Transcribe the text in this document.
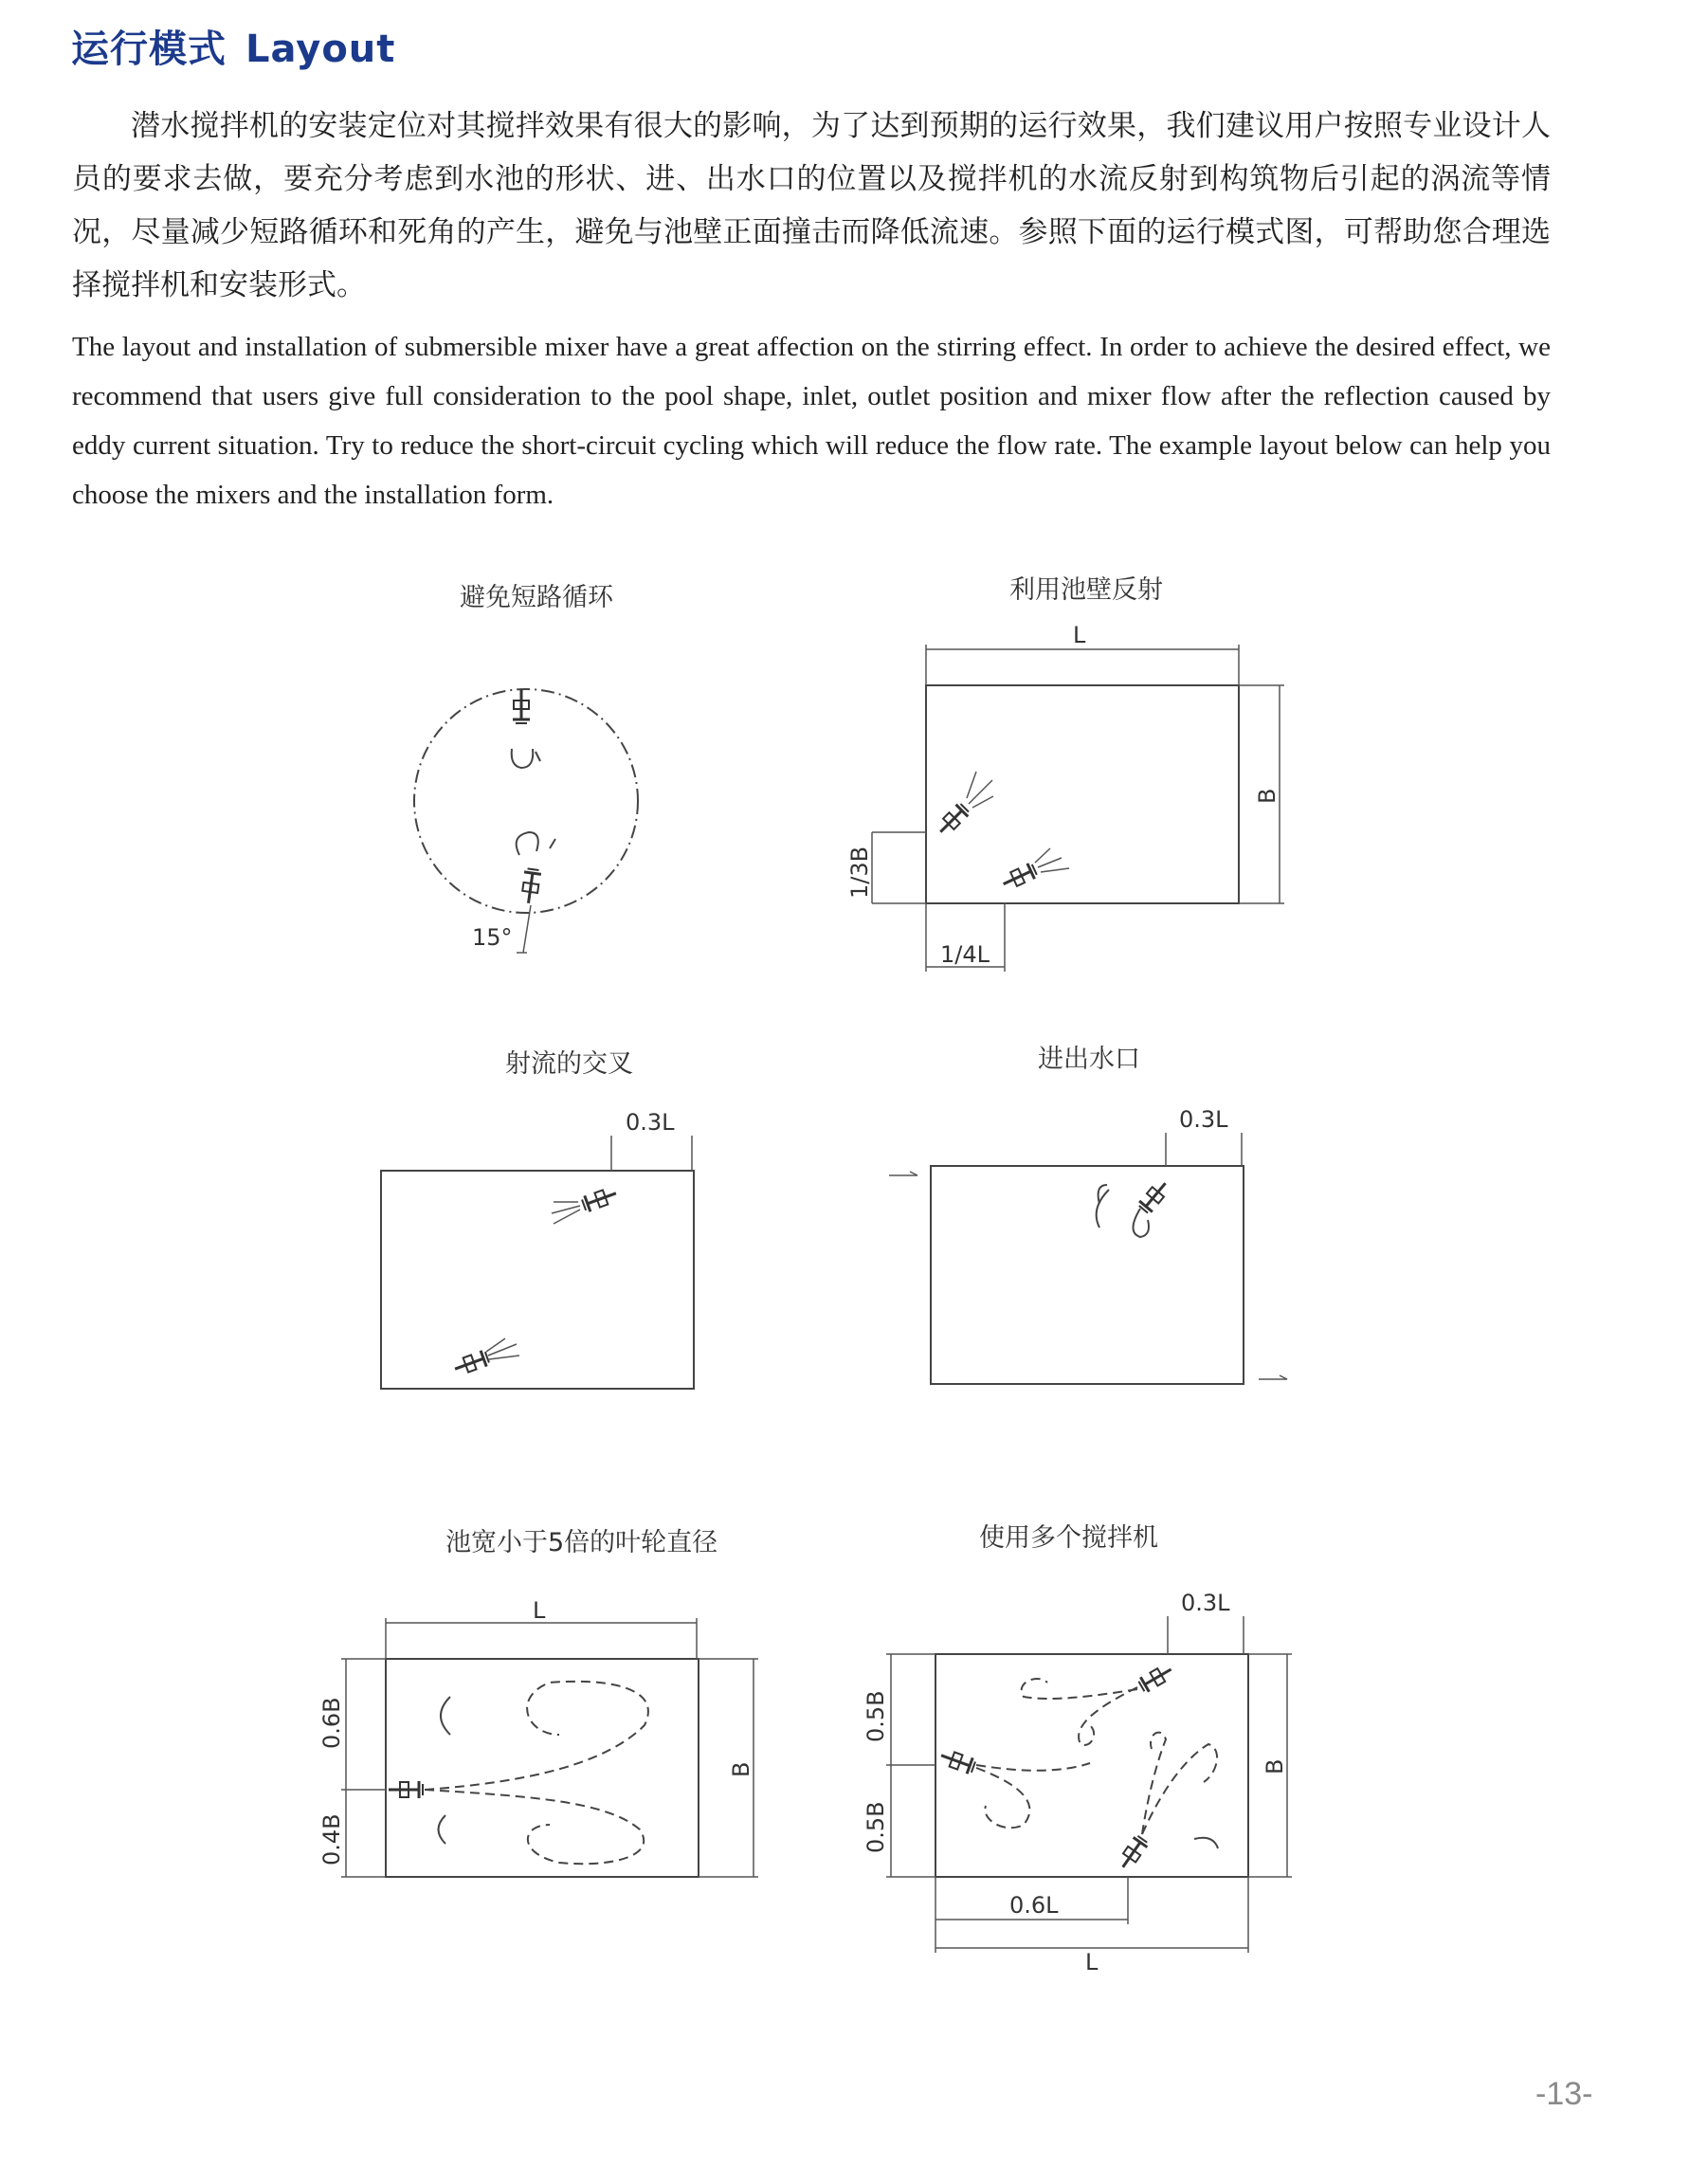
运行模式 Layout
潜水搅拌机的安装定位对其搅拌效果有很大的影响，为了达到预期的运行效果，我们建议用户按照专业设计人员的要求去做，要充分考虑到水池的形状、进、出水口的位置以及搅拌机的水流反射到构筑物后引起的涡流等情况，尽量减少短路循环和死角的产生，避免与池壁正面撞击而降低流速。参照下面的运行模式图，可帮助您合理选择搅拌机和安装形式。
The layout and installation of submersible mixer have a great affection on the stirring effect. In order to achieve the desired effect, we recommend that users give full consideration to the pool shape, inlet, outlet position and mixer flow after the reflection caused by eddy current situation. Try to reduce the short-circuit cycling which will reduce the flow rate. The example layout below can help you choose the mixers and the installation form.
避免短路循环	利用池壁反射
射流的交叉	进出水口
池宽小于5倍的叶轮直径	使用多个搅拌机
15°
L
B
1/3B
1/4L
0.3L	0.3L
L
B
0.6B
0.4B
0.3L
B
0.5B
0.5B
0.6L
L
-13-
